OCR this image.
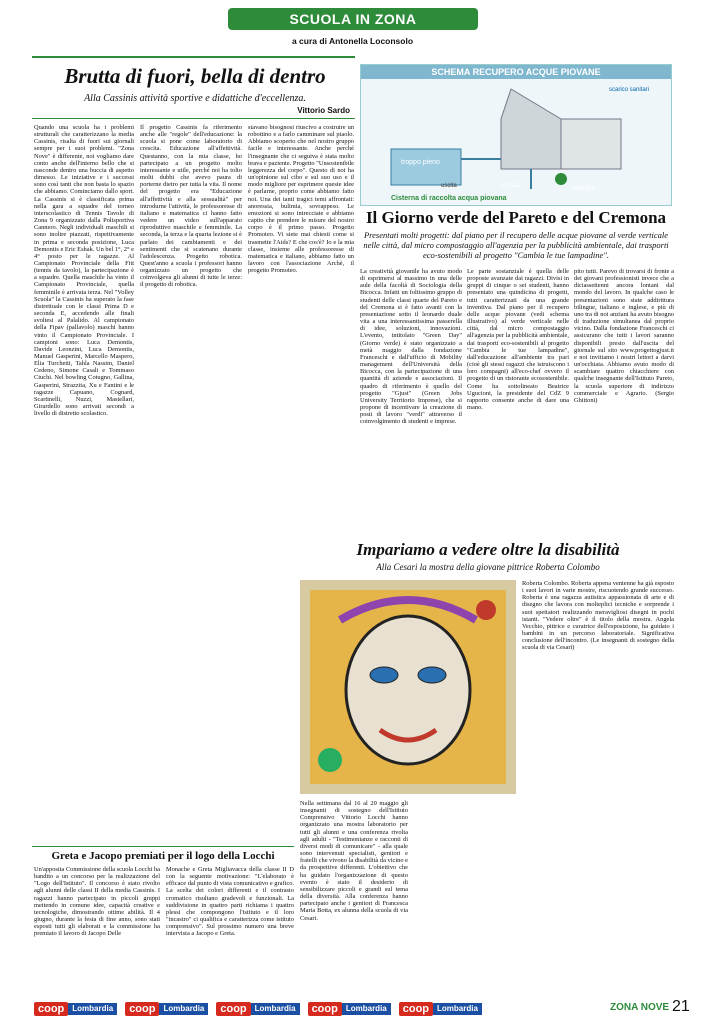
SCUOLA IN ZONA
a cura di Antonella Loconsolo
Brutta di fuori, bella di dentro
Alla Cassinis attività sportive e didattiche d'eccellenza.
Vittorio Sardo

Quando una scuola ha i problemi strutturali che caratterizzano la media Cassinis, risalta di fuori sui giornali sempre per i suoi problemi. "Zona Nove" è differente, noi vogliamo dare conto anche dell'interno bello che si nasconde dentro una buccia di aspetto dimesso. Le iniziative e i successi sono così tanti che non basta lo spazio che abbiamo. Cominciamo dallo sport. La Cassinis si è classificata prima nella gara a squadre del torneo interscolastico di Tennis Tavolo di Zona 9 organizzato dalla Polisportiva Cannero. Negli individuali maschili si sono inoltre piazzati, rispettivamente in prima e seconda posizione, Luca Demontis e Eric Eshak. Un bel 1°, 2° e 4° posto per le ragazze. Al Campionato Provinciale della Fitt (tennis da tavolo), la partecipazione è a squadre. Quella maschile ha vinto il Campionato Provinciale, quella femminile è arrivata terza. Nel "Volley Scuola" la Cassinis ha superato la fase distrettuale con le classi Prima D e seconda E, accedendo alle finali svoltesi al Palalido. Al campionato della Fipav (pallavolo) maschi hanno vinto il Campionato Provinciale. I campioni sono: Luca Demontis, Davide Leonzini, Luca Demontis, Manuel Gasperini, Marcello Maspero, Elia Turchetti, Tahla Nassim, Daniel Cedeno, Simone Casali e Tommaso Ciuchi. Nel bowling Cotugno, Gallina, Gasperini, Strazzita, Xu e Fantini e le ragazze Capuano, Cognard, Scartinelli, Nuzzi, Mastellari, Girardello sono arrivati secondi a livello di distretto scolastico.

Il progetto Cassinis fa riferimento anche alle "regole" dell'educazione: la scuola si pone come laboratorio di crescita. Educazione all'affettività. Questanno, con la mia classe, ho partecipato a un progetto molto interessante e utile, perché noi ha tolto molti dubbi che avevo paura di porterne dietro per tutta la vita. Il nome del progetto era "Educazione all'affettività e alla sessualità" per introdurne l'attività, le professoresse di italiano e matematica ci hanno fatto vedere un video sull'apparato riproduttivo maschile e femminile. La seconda, la terza e la quarta lezione si è parlato dei cambiamenti e dei sentimenti che si scatenano durante l'adolescenza. Progetto robotica. Quest'anno a scuola i professori hanno organizzato un progetto che coinvolgeva gli alunni di tutte le terze: il progetto di robotica.

stavano bisognosi riuscivo a costruire un robottino e a farlo camminare sul piaolo. Abbiamo scoperto che nel nostro gruppo facile e interessante. Anche perché l'insegnante che ci seguiva è stata molto brava e paziente. Progetto "Unsostenibile leggerezza del corpo". Questo di noi ha un'opinione sul cibo e sul suo uso e il modo migliore per esprimere queste idee è parlarne, proprio come abbiamo fatto noi. Una dei tanti tragici temi affrontati: anoressia, bulimia, sovrappeso. Le emozioni si sono intrecciate e abbiamo capito che prendere le misure del nostro corpo è il primo passo. Progetto Promoteo. Vi siete mai chiesti come si trasmette l'Aids? E che cos'è? Io e la mia classe, insieme alle professoresse di matematica e italiano, abbiamo fatto un lavoro con l'associazione Archè, il progetto Promoteo.

SCHEMA RECUPERO ACQUE PIOVANE
scarico sanitari
entrata
troppo pieno
uscita	pompa
Cisterna di raccolta acqua piovana
Il Giorno verde del Pareto e del Cremona
Presentati molti progetti: dal piano per il recupero delle acque piovane al verde verticale nelle città, dal micro compostaggio all'agenzia per la pubblicità ambientale, dai trasporti eco-sostenibili al progetto "Cambia le tue lampadine".

La creatività giovanile ha avuto modo di esprimersi al massimo in una delle aule della facoltà di Sociologia della Bicocca. Infatti un foltissimo gruppo di studenti delle classi quarte del Pareto e del Cremona si è fatto avanti con la presentazione sotto il leonardo duale vita a una interessantissima passerella di idee, soluzioni, innovazioni. L'evento, intitolato "Green Day" (Giorno verde) è stato organizzato a metà maggio dalla fondazione Franceschi e dall'ufficio di Mobility management dell'Università della Bicocca, con la partecipazione di una quantità di aziende e associazioni. Il quadro di riferimento è quello del progetto "Gjust" (Green Jobs University Territorio Imprese), che si propone di incentivare la creazione di posti di lavoro "verdi" attraverso il coinvolgimento di studenti e imprese.

Le parte sostanziale è quella delle proposte avanzate dai ragazzi. Divisi in gruppi di cinque o sei studenti, hanno presentato una quindicina di progetti, tutti caratterizzati da una grande inventiva. Dal piano per il recupero delle acque piovane (vedi schema illustrativo) al verde verticale nelle città, dal micro compostaggio all'agenzia per la pubblicità ambientale, dai trasporti eco-sostenibili al progetto "Cambia le tue lampadine", dall'educazione all'ambiente tra pari (cioè gli stessi ragazzi che istruiscono i loro compagni) all'eco-chef ovvero il progetto di un ristorante ecosostenibile. Come ha sottolineato Beatrice Ugucioni, la presidente del CdZ 9 rapporto consente anche di dare una mano.

pito tutti. Parevo di trovarsi di fronte a dei giovani professionisti invece che a diciassettenni ancora lontani dal mondo del lavoro. In qualche caso le presentazioni sono state addirittura bilingue, italiano e inglese, e più di uno tra di noi anziani ha avuto bisogno di traduzione simultanea dal proprio vicino. Dalla fondazione Franceschi ci assicurano che tutti i lavori saranno disponibili presto dall'uscita del giornale sul sito www.progettogjust.it e noi invitiamo i nostri lettori a darvi un'occhiata. Abbiamo avuto modo di scambiare quattro chiacchiere con qualche insegnante dell'Istituto Pareto, la scuola superiore di indirizzo commerciale e Agrario. (Sergio Ghittoni)

Impariamo a vedere oltre la disabilità
Alla Cesari la mostra della giovane pittrice Roberta Colombo

Nella settimana dal 16 al 20 maggio gli insegnanti di sostegno dell'Istituto Comprensivo Vittorio Locchi hanno organizzato una mostra laboratorio per tutti gli alunni e una conferenza rivolta agli adulti - "Testimonianze e racconti di diversi modi di comunicare" - alla quale sono intervenuti specialisti, genitori e fratelli che vivono la disabilità da vicino e da prospettive differenti. L'obiettivo che ha guidato l'organizzazione di questo evento è stato il desiderio di sensibilizzare piccoli e grandi sul tema della diversità. Alla conferenza hanno partecipato anche i genitori di Francesca Maria Botta, ex alunna della scuola di via Cesari.

Roberta Colombo. Roberta appena ventenne ha già esposto i suoi lavori in varie mostre, riscuotendo grande successo. Roberta è una ragazza autistica appassionata di arte e di disegno che lavora con molteplici tecniche e sorprende i suoi spettatori realizzando meravigliosi disegni in pochi istanti. "Vedere oltre" è il titolo della mostra. Angela Vecchio, pittrice e curatrice dell'esposizione, ha guidato i bambini in un percorso laboratoriale. Significativa conclusione dell'incontro. (Le insegnanti di sostegno della scuola di via Cesari)

Greta e Jacopo premiati per il logo della Locchi

Un'apposita Commissione della scuola Locchi ha bandito a un concorso per la realizzazione del "Logo dell'Istituto". Il concorso è stato rivolto agli alunni delle classi II della media Cassinis. I ragazzi hanno partecipato in piccoli gruppi mettendo in comune idee, capacità creative e tecnologiche, dimostrando ottime abilità. Il 4 giugno, durante la festa di fine anno, sono stati esposti tutti gli elaborati e la commissione ha premiato il lavoro di Jacopo Delle

Monache e Greta Migliavacca della classe II D con la seguente motivazione: "L'elaborato è efficace dal punto di vista comunicativo e grafico. La scelta dei colori differenti e il contrasto cromatico risultano gradevoli e funzionali. La suddivisione in quattro parti richiama i quattro plessi che compongono l'istituto e il loro "incastro" ci qualifica e caratterizza come istituto comprensivo". Sul prossimo numero una breve intervista a Jacopo e Greta.

coop	Lombardia	coop	Lombardia	coop	Lombardia	coop	Lombardia	coop	Lombardia	ZONA NOVE 21
